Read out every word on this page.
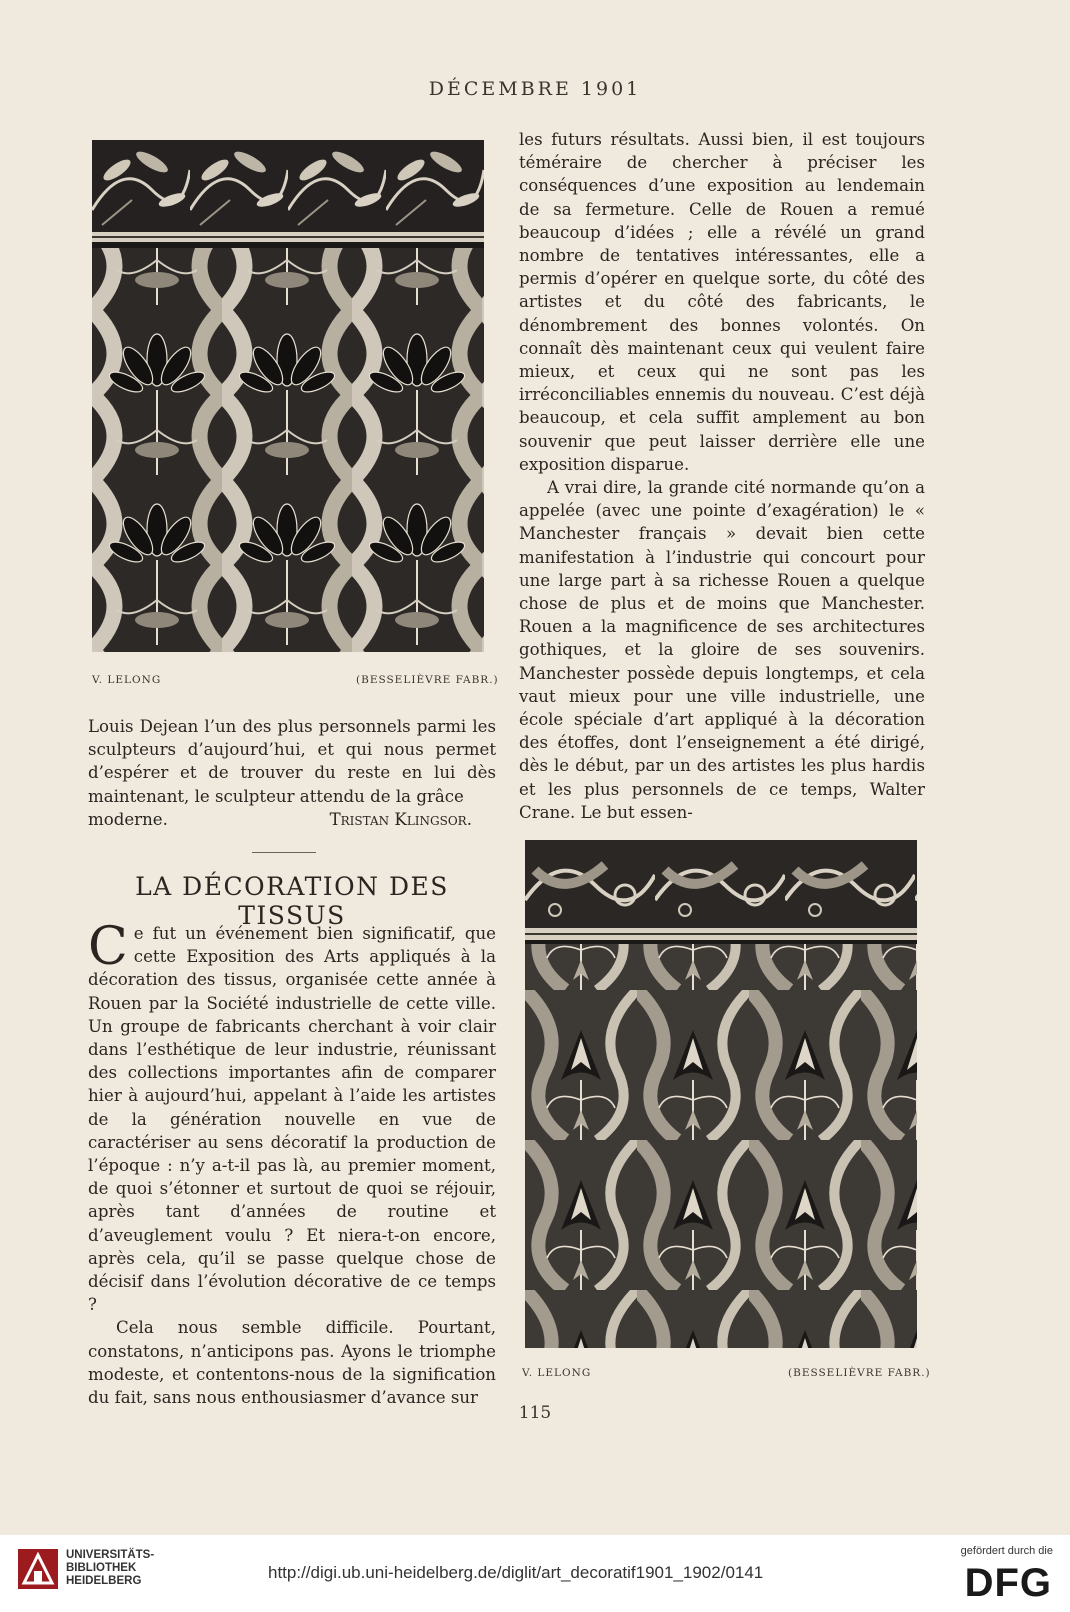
DÉCEMBRE 1901
V. LELONG	(BESSELIÈVRE FABR.)

Louis Dejean l’un des plus personnels parmi les sculpteurs d’aujourd’hui, et qui nous permet d’espérer et de trouver du reste en lui dès maintenant, le sculpteur attendu de la grâce

moderne.	Tristan Klingsor.
LA DÉCORATION DES TISSUS

Ce fut un événement bien significatif, que cette Exposition des Arts appliqués à la décoration des tissus, organisée cette année à Rouen par la Société industrielle de cette ville. Un groupe de fabricants cherchant à voir clair dans l’esthétique de leur industrie, réunissant des collections importantes afin de comparer hier à aujourd’hui, appelant à l’aide les artistes de la génération nouvelle en vue de caractériser au sens décoratif la production de l’époque : n’y a-t-il pas là, au premier moment, de quoi s’étonner et surtout de quoi se réjouir, après tant d’années de routine et d’aveuglement voulu ? Et niera-t-on encore, après cela, qu’il se passe quelque chose de décisif dans l’évolution décorative de ce temps ?

Cela nous semble difficile. Pourtant, constatons, n’anticipons pas. Ayons le triomphe modeste, et contentons-nous de la signification du fait, sans nous enthousiasmer d’avance sur

les futurs résultats. Aussi bien, il est toujours téméraire de chercher à préciser les conséquences d’une exposition au lendemain de sa fermeture. Celle de Rouen a remué beaucoup d’idées ; elle a révélé un grand nombre de tentatives intéressantes, elle a permis d’opérer en quelque sorte, du côté des artistes et du côté des fabricants, le dénombrement des bonnes volontés. On connaît dès maintenant ceux qui veulent faire mieux, et ceux qui ne sont pas les irréconciliables ennemis du nouveau. C’est déjà beaucoup, et cela suffit amplement au bon souvenir que peut laisser derrière elle une exposition disparue.

A vrai dire, la grande cité normande qu’on a appelée (avec une pointe d’exagération) le « Manchester français » devait bien cette manifestation à l’industrie qui concourt pour une large part à sa richesse Rouen a quelque chose de plus et de moins que Manchester. Rouen a la magnificence de ses architectures gothiques, et la gloire de ses souvenirs. Manchester possède depuis longtemps, et cela vaut mieux pour une ville industrielle, une école spéciale d’art appliqué à la décoration des étoffes, dont l’enseignement a été dirigé, dès le début, par un des artistes les plus hardis et les plus personnels de ce temps, Walter Crane. Le but essen-

V. LELONG	(BESSELIÈVRE FABR.)
115
UNIVERSITÄTS-
BIBLIOTHEK
HEIDELBERG	http://digi.ub.uni-heidelberg.de/diglit/art_decoratif1901_1902/0141
gefördert durch die
DFG
